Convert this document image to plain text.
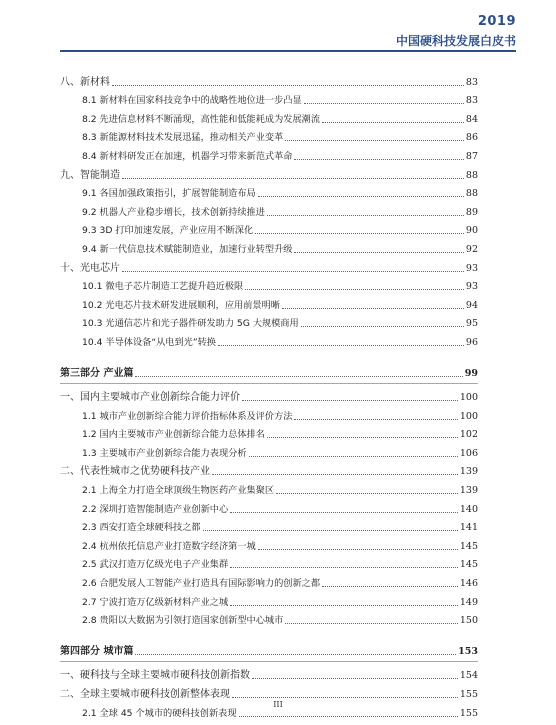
2019
中国硬科技发展白皮书
八、新材料	83
8.1 新材料在国家科技竞争中的战略性地位进一步凸显	83
8.2 先进信息材料不断涌现，高性能和低能耗成为发展潮流	84
8.3 新能源材料技术发展迅猛，推动相关产业变革	86
8.4 新材料研发正在加速，机器学习带来新范式革命	87
九、智能制造	88
9.1 各国加强政策指引，扩展智能制造布局	88
9.2 机器人产业稳步增长，技术创新持续推进	89
9.3 3D 打印加速发展，产业应用不断深化	90
9.4 新一代信息技术赋能制造业，加速行业转型升级	92
十、光电芯片	93
10.1 微电子芯片制造工艺提升趋近极限	93
10.2 光电芯片技术研发进展顺利，应用前景明晰	94
10.3 光通信芯片和光子器件研发助力 5G 大规模商用	95
10.4 半导体设备“从电到光”转换	96
第三部分 产业篇	99
一、国内主要城市产业创新综合能力评价	100
1.1 城市产业创新综合能力评价指标体系及评价方法	100
1.2 国内主要城市产业创新综合能力总体排名	102
1.3 主要城市产业创新综合能力表现分析	106
二、代表性城市之优势硬科技产业	139
2.1 上海全力打造全球顶级生物医药产业集聚区	139
2.2 深圳打造智能制造产业创新中心	140
2.3 西安打造全球硬科技之都	141
2.4 杭州依托信息产业打造数字经济第一城	145
2.5 武汉打造万亿级光电子产业集群	145
2.6 合肥发展人工智能产业打造具有国际影响力的创新之都	146
2.7 宁波打造万亿级新材料产业之城	149
2.8 贵阳以大数据为引领打造国家创新型中心城市	150
第四部分 城市篇	153
一、硬科技与全球主要城市硬科技创新指数	154
二、全球主要城市硬科技创新整体表现	155
2.1 全球 45 个城市的硬科技创新表现	155
III
